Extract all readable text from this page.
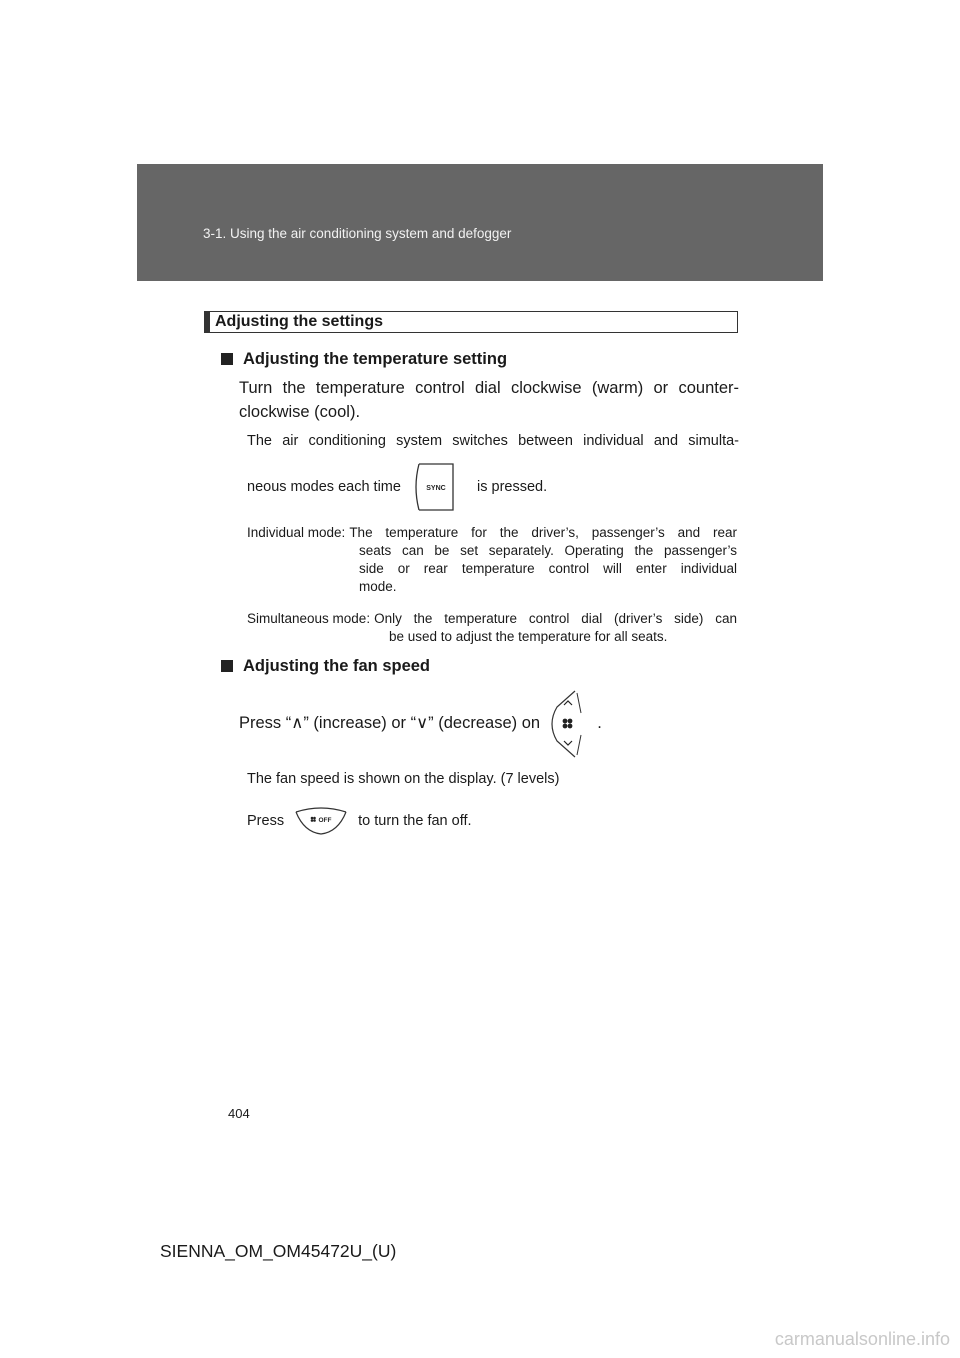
3-1. Using the air conditioning system and defogger
Adjusting the settings
Adjusting the temperature setting
Turn the temperature control dial clockwise (warm) or counter-
clockwise (cool).
The air conditioning system switches between individual and simulta-
neous modes each time	SYNC is pressed.
Individual mode: The temperature for the driver’s, passenger’s and rear
seats can be set separately. Operating the passenger’s
side or rear temperature control will enter individual
mode.
Simultaneous mode: Only the temperature control dial (driver’s side) can
be used to adjust the temperature for all seats.
Adjusting the fan speed
Press “∧” (increase) or “∨” (decrease) on	.
The fan speed is shown on the display. (7 levels)
Press	OFF to turn the fan off.
404
SIENNA_OM_OM45472U_(U)
carmanualsonline.info
